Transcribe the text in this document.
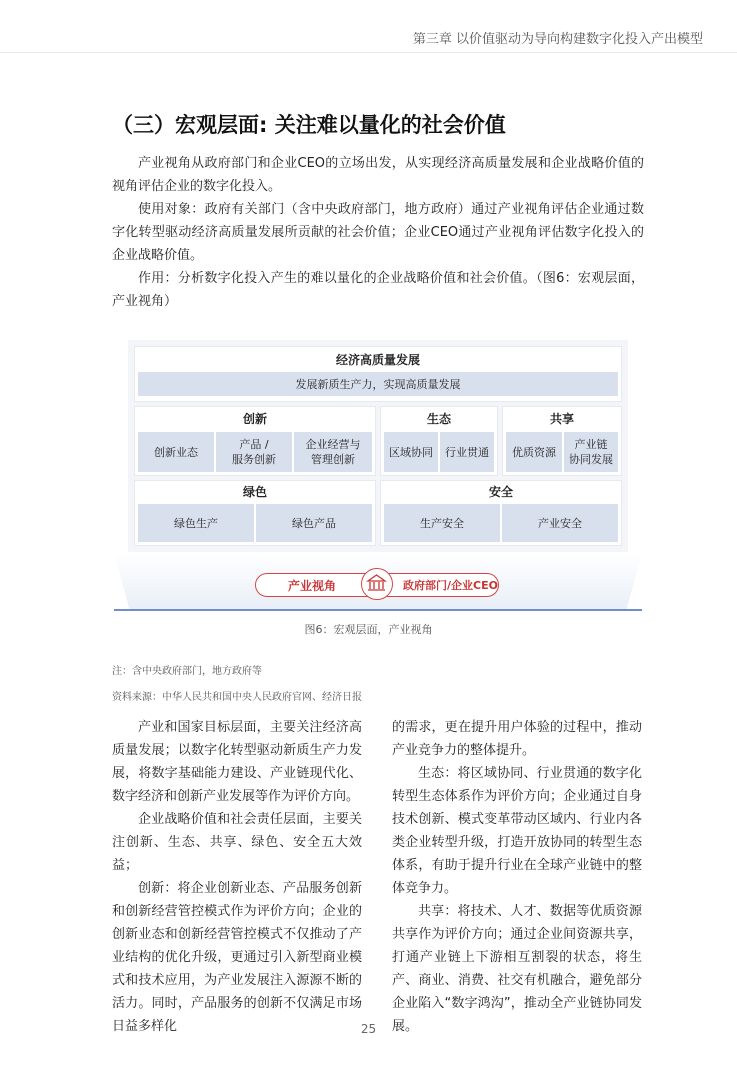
第三章 以价值驱动为导向构建数字化投入产出模型
（三）宏观层面: 关注难以量化的社会价值

产业视角从政府部门和企业CEO的立场出发，从实现经济高质量发展和企业战略价值的视角评估企业的数字化投入。

使用对象：政府有关部门（含中央政府部门，地方政府）通过产业视角评估企业通过数字化转型驱动经济高质量发展所贡献的社会价值；企业CEO通过产业视角评估数字化投入的企业战略价值。

作用：分析数字化投入产生的难以量化的企业战略价值和社会价值。（图6：宏观层面，产业视角）

经济高质量发展
发展新质生产力，实现高质量发展
创新
创新业态
产品 /
服务创新
企业经营与
管理创新
生态
区域协同	行业贯通
共享
优质资源
产业链
协同发展
绿色
绿色生产	绿色产品
安全
生产安全	产业安全
产业视角	政府部门/企业CEO
图6：宏观层面，产业视角
注：含中央政府部门，地方政府等
资料来源：中华人民共和国中央人民政府官网、经济日报

产业和国家目标层面，主要关注经济高质量发展；以数字化转型驱动新质生产力发展，将数字基础能力建设、产业链现代化、数字经济和创新产业发展等作为评价方向。

企业战略价值和社会责任层面，主要关注创新、生态、共享、绿色、安全五大效益；

创新：将企业创新业态、产品服务创新和创新经营管控模式作为评价方向；企业的创新业态和创新经营管控模式不仅推动了产业结构的优化升级，更通过引入新型商业模式和技术应用，为产业发展注入源源不断的活力。同时，产品服务的创新不仅满足市场日益多样化

的需求，更在提升用户体验的过程中，推动产业竞争力的整体提升。

生态：将区域协同、行业贯通的数字化转型生态体系作为评价方向；企业通过自身技术创新、模式变革带动区域内、行业内各类企业转型升级，打造开放协同的转型生态体系，有助于提升行业在全球产业链中的整体竞争力。

共享：将技术、人才、数据等优质资源共享作为评价方向；通过企业间资源共享，打通产业链上下游相互割裂的状态，将生产、商业、消费、社交有机融合，避免部分企业陷入“数字鸿沟”，推动全产业链协同发展。

25
